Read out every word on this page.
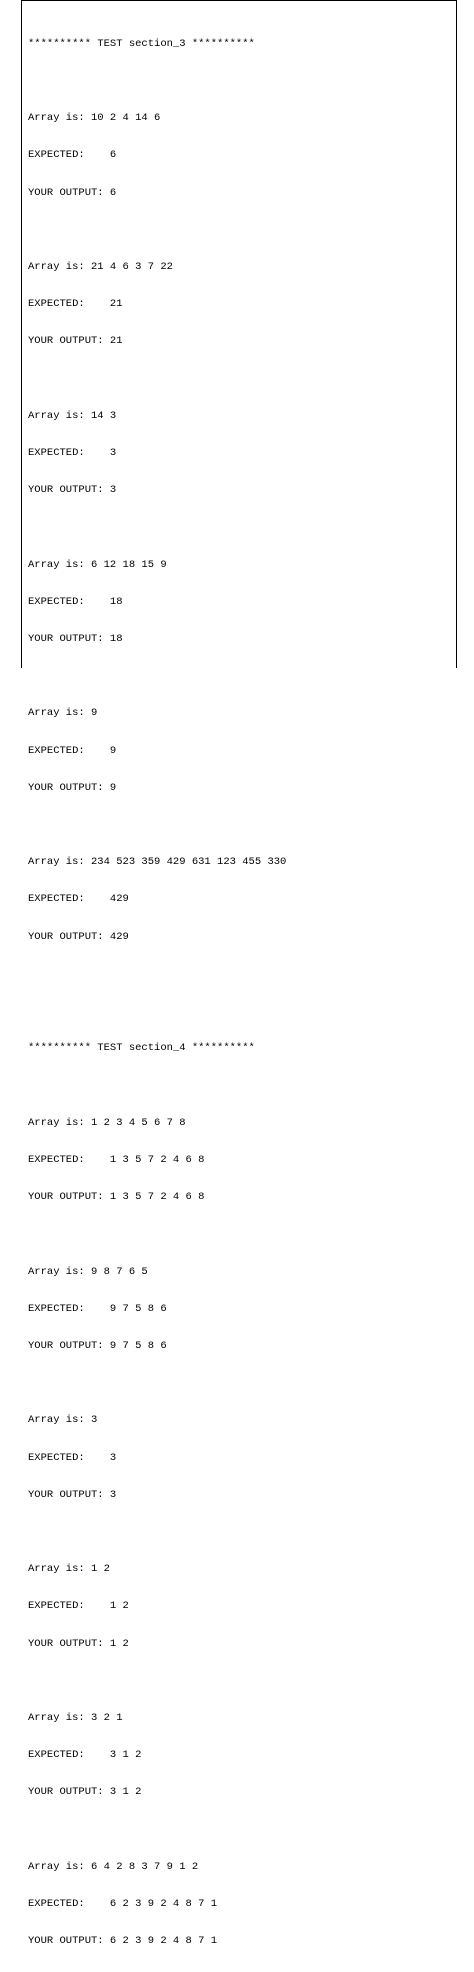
********** TEST section_3 **********

Array is: 10 2 4 14 6

EXPECTED:    6

YOUR OUTPUT: 6

Array is: 21 4 6 3 7 22

EXPECTED:    21

YOUR OUTPUT: 21

Array is: 14 3

EXPECTED:    3

YOUR OUTPUT: 3

Array is: 6 12 18 15 9

EXPECTED:    18

YOUR OUTPUT: 18

Array is: 9

EXPECTED:    9

YOUR OUTPUT: 9

Array is: 234 523 359 429 631 123 455 330

EXPECTED:    429

YOUR OUTPUT: 429

********** TEST section_4 **********

Array is: 1 2 3 4 5 6 7 8

EXPECTED:    1 3 5 7 2 4 6 8

YOUR OUTPUT: 1 3 5 7 2 4 6 8

Array is: 9 8 7 6 5

EXPECTED:    9 7 5 8 6

YOUR OUTPUT: 9 7 5 8 6

Array is: 3

EXPECTED:    3

YOUR OUTPUT: 3

Array is: 1 2

EXPECTED:    1 2

YOUR OUTPUT: 1 2

Array is: 3 2 1

EXPECTED:    3 1 2

YOUR OUTPUT: 3 1 2

Array is: 6 4 2 8 3 7 9 1 2

EXPECTED:    6 2 3 9 2 4 8 7 1

YOUR OUTPUT: 6 2 3 9 2 4 8 7 1
